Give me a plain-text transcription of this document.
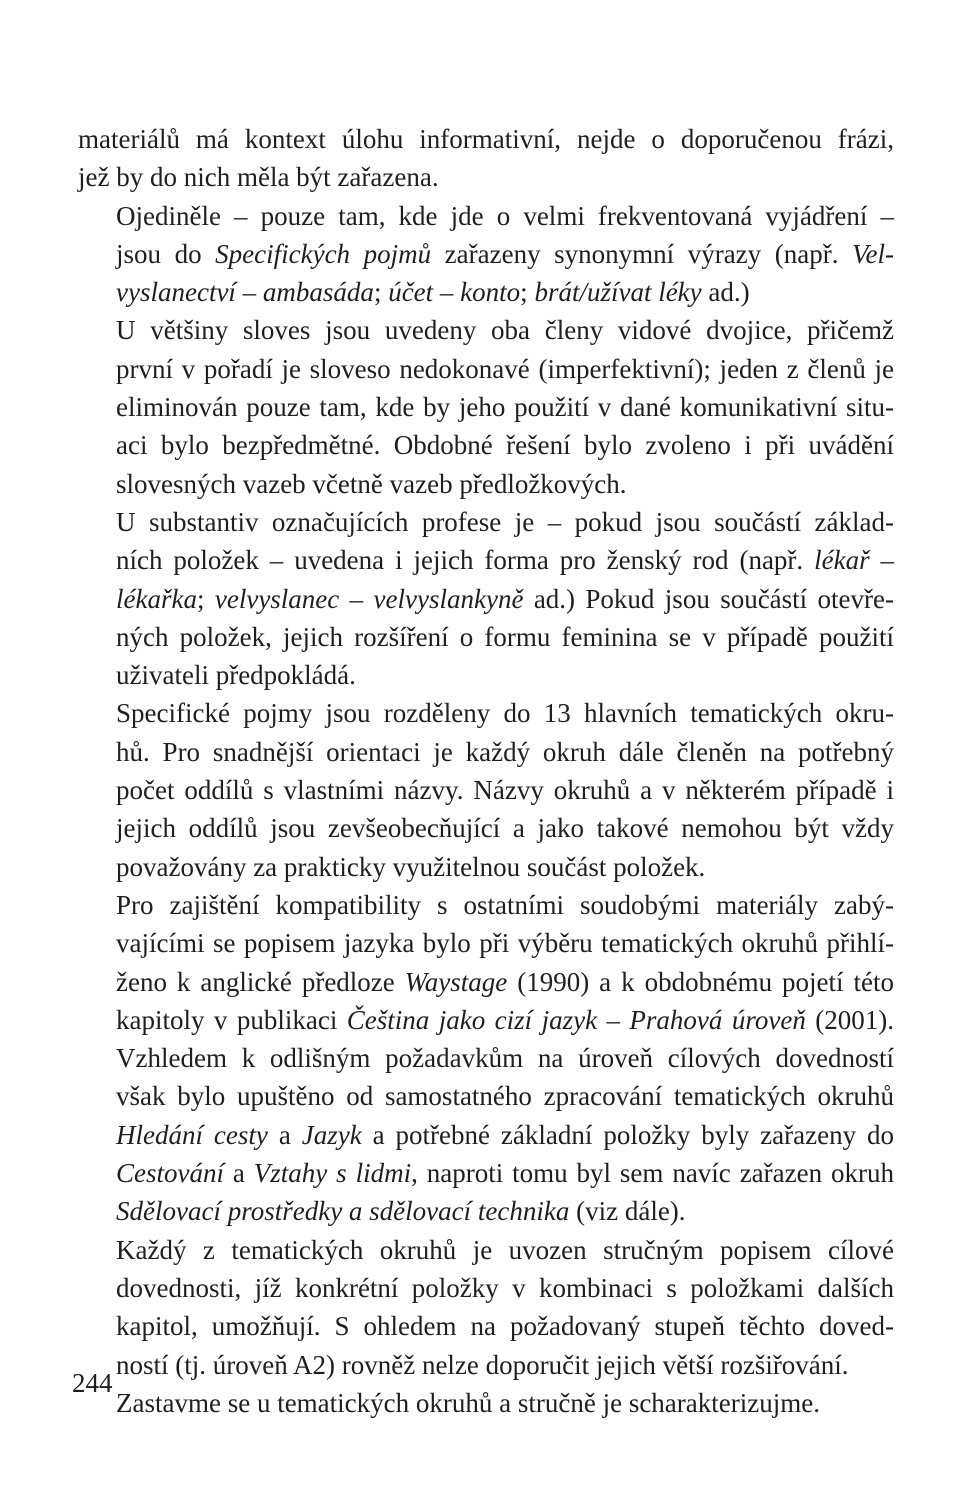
materiálů má kontext úlohu informativní, nejde o doporučenou frázi,
jež by do nich měla být zařazena.
Ojediněle – pouze tam, kde jde o velmi frekventovaná vyjádření –
jsou do Specifických pojmů zařazeny synonymní výrazy (např. Vel-
vyslanectví – ambasáda; účet – konto; brát/užívat léky ad.)
U většiny sloves jsou uvedeny oba členy vidové dvojice, přičemž
první v pořadí je sloveso nedokonavé (imperfektivní); jeden z členů je
eliminován pouze tam, kde by jeho použití v dané komunikativní situ-
aci bylo bezpředmětné. Obdobné řešení bylo zvoleno i při uvádění
slovesných vazeb včetně vazeb předložkových.
U substantiv označujících profese je – pokud jsou součástí základ-
ních položek – uvedena i jejich forma pro ženský rod (např. lékař –
lékařka; velvyslanec – velvyslankyně ad.) Pokud jsou součástí otevře-
ných položek, jejich rozšíření o formu feminina se v případě použití
uživateli předpokládá.
Specifické pojmy jsou rozděleny do 13 hlavních tematických okru-
hů. Pro snadnější orientaci je každý okruh dále členěn na potřebný
počet oddílů s vlastními názvy. Názvy okruhů a v některém případě i
jejich oddílů jsou zevšeobecňující a jako takové nemohou být vždy
považovány za prakticky využitelnou součást položek.
Pro zajištění kompatibility s ostatními soudobými materiály zabý-
vajícími se popisem jazyka bylo při výběru tematických okruhů přihlí-
ženo k anglické předloze Waystage (1990) a k obdobnému pojetí této
kapitoly v publikaci Čeština jako cizí jazyk – Prahová úroveň (2001).
Vzhledem k odlišným požadavkům na úroveň cílových dovedností
však bylo upuštěno od samostatného zpracování tematických okruhů
Hledání cesty a Jazyk a potřebné základní položky byly zařazeny do
Cestování a Vztahy s lidmi, naproti tomu byl sem navíc zařazen okruh
Sdělovací prostředky a sdělovací technika (viz dále).
Každý z tematických okruhů je uvozen stručným popisem cílové
dovednosti, jíž konkrétní položky v kombinaci s položkami dalších
kapitol, umožňují. S ohledem na požadovaný stupeň těchto doved-
ností (tj. úroveň A2) rovněž nelze doporučit jejich větší rozšiřování.
Zastavme se u tematických okruhů a stručně je scharakterizujme.
244
